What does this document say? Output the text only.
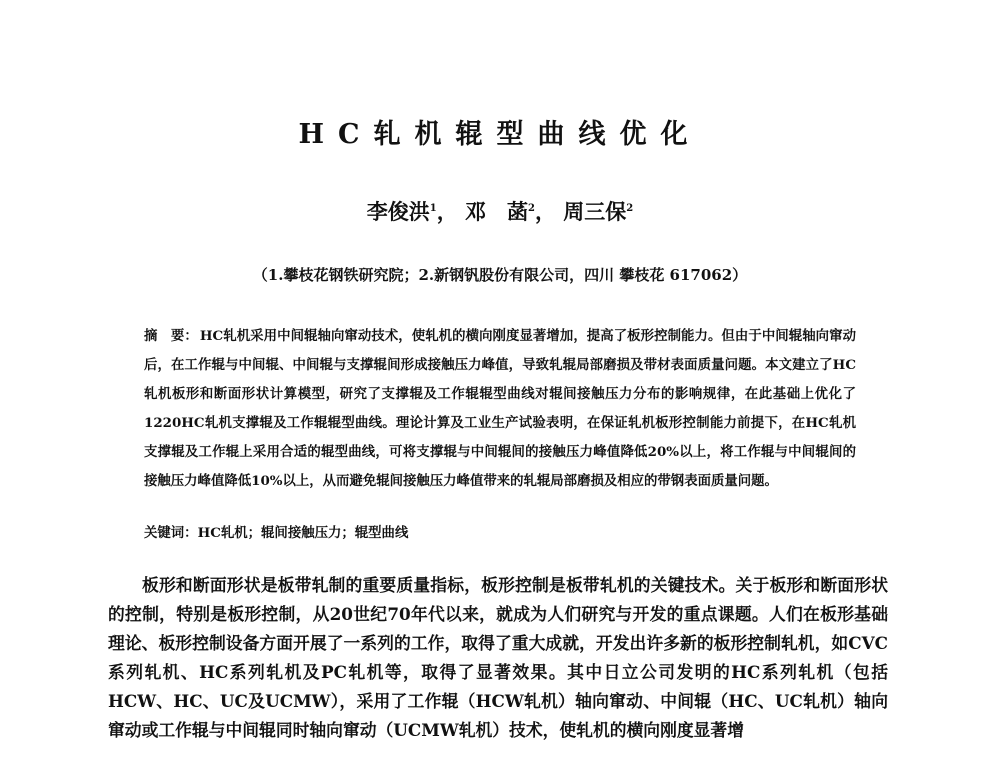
HC轧机辊型曲线优化

李俊洪$^1$， 邓　菡$^2$， 周三保$^2$

（1.攀枝花钢铁研究院；2.新钢钒股份有限公司，四川 攀枝花 617062）

摘　要： HC轧机采用中间辊轴向窜动技术，使轧机的横向刚度显著增加，提高了板形控制能力。但由于中间辊轴向窜动后，在工作辊与中间辊、中间辊与支撑辊间形成接触压力峰值，导致轧辊局部磨损及带材表面质量问题。本文建立了HC轧机板形和断面形状计算模型，研究了支撑辊及工作辊辊型曲线对辊间接触压力分布的影响规律，在此基础上优化了1220HC轧机支撑辊及工作辊辊型曲线。理论计算及工业生产试验表明，在保证轧机板形控制能力前提下，在HC轧机支撑辊及工作辊上采用合适的辊型曲线，可将支撑辊与中间辊间的接触压力峰值降低20%以上，将工作辊与中间辊间的接触压力峰值降低10%以上，从而避免辊间接触压力峰值带来的轧辊局部磨损及相应的带钢表面质量问题。

关键词：HC轧机；辊间接触压力；辊型曲线

板形和断面形状是板带轧制的重要质量指标，板形控制是板带轧机的关键技术。关于板形和断面形状的控制，特别是板形控制，从20世纪70年代以来，就成为人们研究与开发的重点课题。人们在板形基础理论、板形控制设备方面开展了一系列的工作，取得了重大成就，开发出许多新的板形控制轧机，如CVC系列轧机、HC系列轧机及PC轧机等，取得了显著效果。其中日立公司发明的HC系列轧机（包括HCW、HC、UC及UCMW），采用了工作辊（HCW轧机）轴向窜动、中间辊（HC、UC轧机）轴向窜动或工作辊与中间辊同时轴向窜动（UCMW轧机）技术，使轧机的横向刚度显著增
